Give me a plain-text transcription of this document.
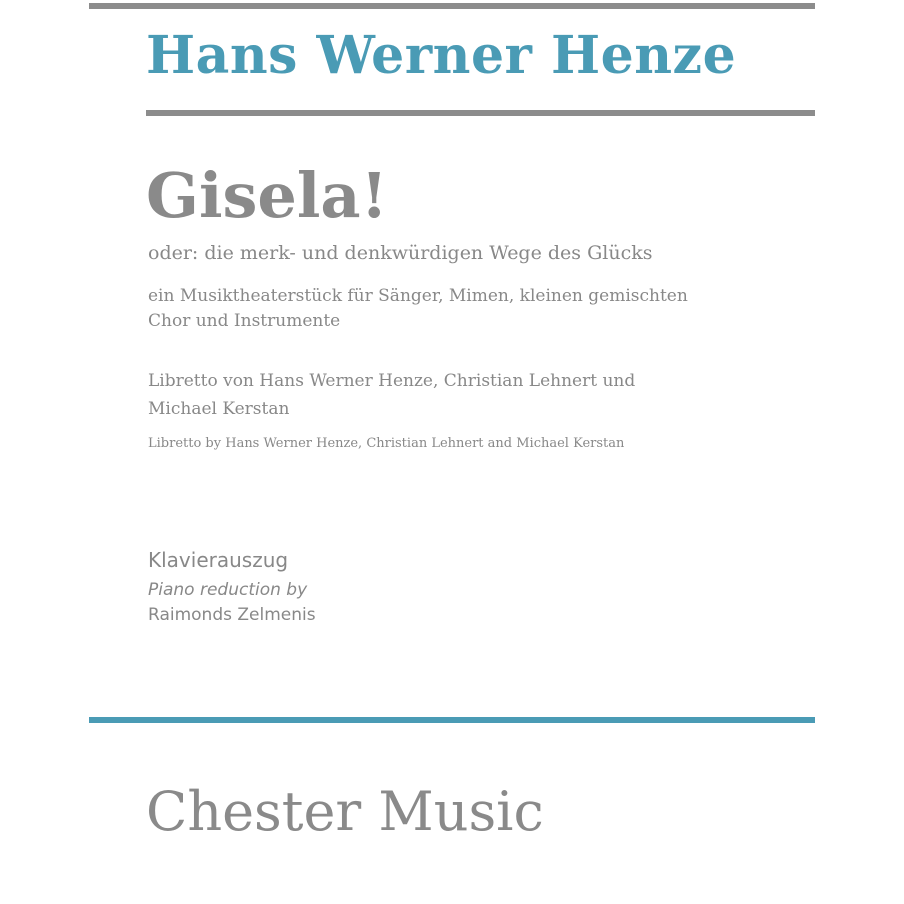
Hans Werner Henze
Gisela!

oder: die merk- und denkwürdigen Wege des Glücks

ein Musiktheaterstück für Sänger, Mimen, kleinen gemischten
Chor und Instrumente
Libretto von Hans Werner Henze, Christian Lehnert und
Michael Kerstan

Libretto by Hans Werner Henze, Christian Lehnert and Michael Kerstan

Klavierauszug

Piano reduction by

Raimonds Zelmenis

Chester Music
